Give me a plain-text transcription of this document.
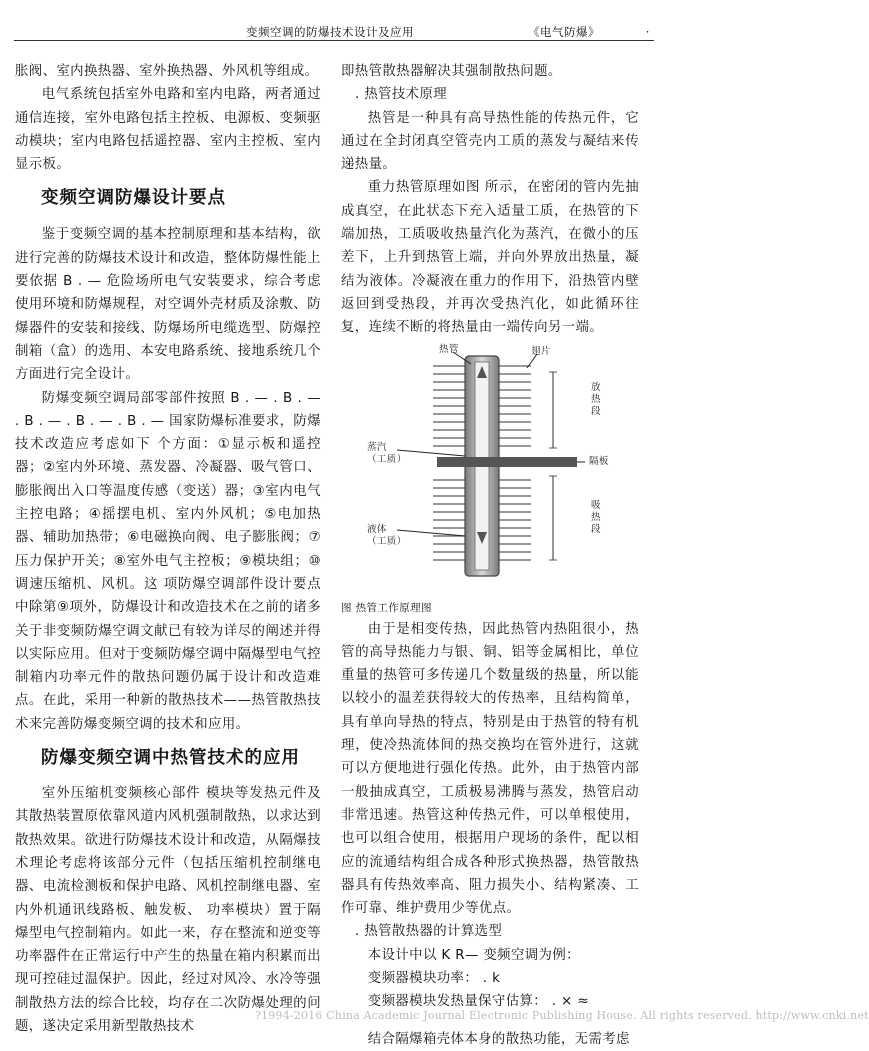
变频空调的防爆技术设计及应用	《电气防爆》	·

胀阀、室内换热器、室外换热器、外风机等组成。

电气系统包括室外电路和室内电路，两者通过通信连接，室外电路包括主控板、电源板、变频驱动模块；室内电路包括遥控器、室内主控板、室内显示板。

变频空调防爆设计要点

鉴于变频空调的基本控制原理和基本结构，欲进行完善的防爆技术设计和改造，整体防爆性能上要依据 B . — 危险场所电气安装要求，综合考虑使用环境和防爆规程，对空调外壳材质及涂敷、防爆器件的安装和接线、防爆场所电缆选型、防爆控制箱（盒）的选用、本安电路系统、接地系统几个方面进行完全设计。

防爆变频空调局部零部件按照 B . — . B . — . B . — . B . — . B . — 国家防爆标准要求，防爆技术改造应考虑如下 个方面：①显示板和遥控器；②室内外环境、蒸发器、冷凝器、吸气管口、膨胀阀出入口等温度传感（变送）器；③室内电气主控电路；④摇摆电机、室内外风机；⑤电加热器、辅助加热带；⑥电磁换向阀、电子膨胀阀；⑦压力保护开关；⑧室外电气主控板；⑨模块组；⑩调速压缩机、风机。这 项防爆空调部件设计要点中除第⑨项外，防爆设计和改造技术在之前的诸多关于非变频防爆空调文献已有较为详尽的阐述并得以实际应用。但对于变频防爆空调中隔爆型电气控制箱内功率元件的散热问题仍属于设计和改造难点。在此，采用一种新的散热技术——热管散热技术来完善防爆变频空调的技术和应用。

防爆变频空调中热管技术的应用

室外压缩机变频核心部件 模块等发热元件及其散热装置原依靠风道内风机强制散热，以求达到散热效果。欲进行防爆技术设计和改造，从隔爆技术理论考虑将该部分元件（包括压缩机控制继电器、电流检测板和保护电路、风机控制继电器、室内外机通讯线路板、触发板、 功率模块）置于隔爆型电气控制箱内。如此一来，存在整流和逆变等功率器件在正常运行中产生的热量在箱内积累而出现可控硅过温保护。因此，经过对风冷、水冷等强制散热方法的综合比较，均存在二次防爆处理的问题，遂决定采用新型散热技术

即热管散热器解决其强制散热问题。

. 热管技术原理

热管是一种具有高导热性能的传热元件，它通过在全封闭真空管壳内工质的蒸发与凝结来传递热量。

重力热管原理如图 所示，在密闭的管内先抽成真空，在此状态下充入适量工质，在热管的下端加热，工质吸收热量汽化为蒸汽，在微小的压差下，上升到热管上端，并向外界放出热量，凝结为液体。冷凝液在重力的作用下，沿热管内壁返回到受热段，并再次受热汽化，如此循环往复，连续不断的将热量由一端传向另一端。

热管	翅片
放
热
段
隔板
蒸汽
（工质）
吸
热
段
液体
（工质）

图 热管工作原理图

由于是相变传热，因此热管内热阻很小，热管的高导热能力与银、铜、铝等金属相比，单位重量的热管可多传递几个数量级的热量，所以能以较小的温差获得较大的传热率，且结构简单，具有单向导热的特点，特别是由于热管的特有机理，使冷热流体间的热交换均在管外进行，这就可以方便地进行强化传热。此外，由于热管内部一般抽成真空，工质极易沸腾与蒸发，热管启动非常迅速。热管这种传热元件，可以单根使用，也可以组合使用，根据用户现场的条件，配以相应的流通结构组合成各种形式换热器，热管散热器具有传热效率高、阻力损失小、结构紧凑、工作可靠、维护费用少等优点。

. 热管散热器的计算选型

本设计中以 K R— 变频空调为例：

变频器模块功率： . k

变频器模块发热量保守估算： . × ≈

结合隔爆箱壳体本身的散热功能，无需考虑

?1994-2016 China Academic Journal Electronic Publishing House. All rights reserved. http://www.cnki.net
